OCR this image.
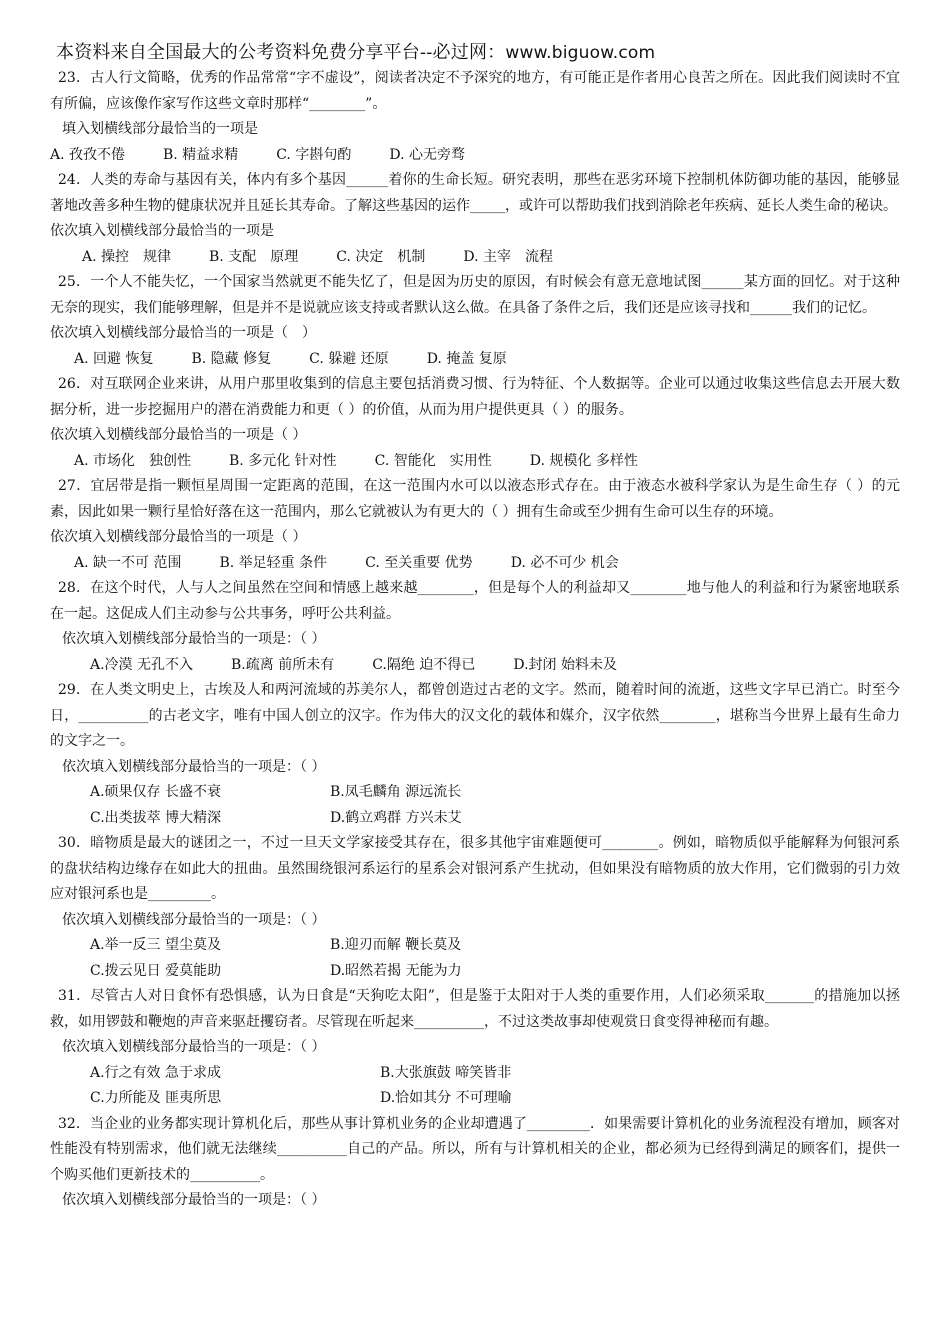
本资料来自全国最大的公考资料免费分享平台--必过网：www.biguow.com

23．古人行文简略，优秀的作品常常“字不虚设”，阅读者决定不予深究的地方，有可能正是作者用心良苦之所在。因此我们阅读时不宜有所偏，应该像作家写作这些文章时那样“________”。

填入划横线部分最恰当的一项是

A. 孜孜不倦	B. 精益求精	C. 字斟句酌	D. 心无旁骛

24．人类的寿命与基因有关，体内有多个基因______着你的生命长短。研究表明，那些在恶劣环境下控制机体防御功能的基因，能够显著地改善多种生物的健康状况并且延长其寿命。了解这些基因的运作_____，或许可以帮助我们找到消除老年疾病、延长人类生命的秘诀。

依次填入划横线部分最恰当的一项是

A. 操控　规律	B. 支配　原理	C. 决定　机制	D. 主宰　流程

25．一个人不能失忆，一个国家当然就更不能失忆了，但是因为历史的原因，有时候会有意无意地试图______某方面的回忆。对于这种无奈的现实，我们能够理解，但是并不是说就应该支持或者默认这么做。在具备了条件之后，我们还是应该寻找和______我们的记忆。

依次填入划横线部分最恰当的一项是（　）

A. 回避 恢复	B. 隐藏 修复	C. 躲避 还原	D. 掩盖 复原

26．对互联网企业来讲，从用户那里收集到的信息主要包括消费习惯、行为特征、个人数据等。企业可以通过收集这些信息去开展大数据分析，进一步挖掘用户的潜在消费能力和更（ ）的价值，从而为用户提供更具（ ）的服务。

依次填入划横线部分最恰当的一项是（ ）

A. 市场化　独创性	B. 多元化 针对性	C. 智能化　实用性	D. 规模化 多样性

27．宜居带是指一颗恒星周围一定距离的范围，在这一范围内水可以以液态形式存在。由于液态水被科学家认为是生命生存（ ）的元素，因此如果一颗行星恰好落在这一范围内，那么它就被认为有更大的（ ）拥有生命或至少拥有生命可以生存的环境。

依次填入划横线部分最恰当的一项是（ ）

A. 缺一不可 范围	B. 举足轻重 条件	C. 至关重要 优势	D. 必不可少 机会

28．在这个时代，人与人之间虽然在空间和情感上越来越________，但是每个人的利益却又________地与他人的利益和行为紧密地联系在一起。这促成人们主动参与公共事务，呼吁公共利益。

依次填入划横线部分最恰当的一项是：（ ）

A.冷漠 无孔不入	B.疏离 前所未有	C.隔绝 迫不得已	D.封闭 始料未及

29．在人类文明史上，古埃及人和两河流域的苏美尔人，都曾创造过古老的文字。然而，随着时间的流逝，这些文字早已消亡。时至今日，__________的古老文字，唯有中国人创立的汉字。作为伟大的汉文化的载体和媒介，汉字依然________，堪称当今世界上最有生命力的文字之一。

依次填入划横线部分最恰当的一项是：（ ）

A.硕果仅存 长盛不衰	B.凤毛麟角 源远流长
C.出类拔萃 博大精深	D.鹤立鸡群 方兴未艾

30．暗物质是最大的谜团之一，不过一旦天文学家接受其存在，很多其他宇宙难题便可________。例如，暗物质似乎能解释为何银河系的盘状结构边缘存在如此大的扭曲。虽然围绕银河系运行的星系会对银河系产生扰动，但如果没有暗物质的放大作用，它们微弱的引力效应对银河系也是_________。

依次填入划横线部分最恰当的一项是：（ ）

A.举一反三 望尘莫及	B.迎刃而解 鞭长莫及
C.拨云见日 爱莫能助	D.昭然若揭 无能为力

31．尽管古人对日食怀有恐惧感，认为日食是“天狗吃太阳”，但是鉴于太阳对于人类的重要作用，人们必须采取_______的措施加以拯救，如用锣鼓和鞭炮的声音来驱赶攫窃者。尽管现在听起来__________，不过这类故事却使观赏日食变得神秘而有趣。

依次填入划横线部分最恰当的一项是：（ ）

A.行之有效 急于求成	B.大张旗鼓 啼笑皆非
C.力所能及 匪夷所思	D.恰如其分 不可理喻

32．当企业的业务都实现计算机化后，那些从事计算机业务的企业却遭遇了_________．如果需要计算机化的业务流程没有增加，顾客对性能没有特别需求，他们就无法继续__________自己的产品。所以，所有与计算机相关的企业，都必须为已经得到满足的顾客们，提供一个购买他们更新技术的__________。

依次填入划横线部分最恰当的一项是：（ ）
